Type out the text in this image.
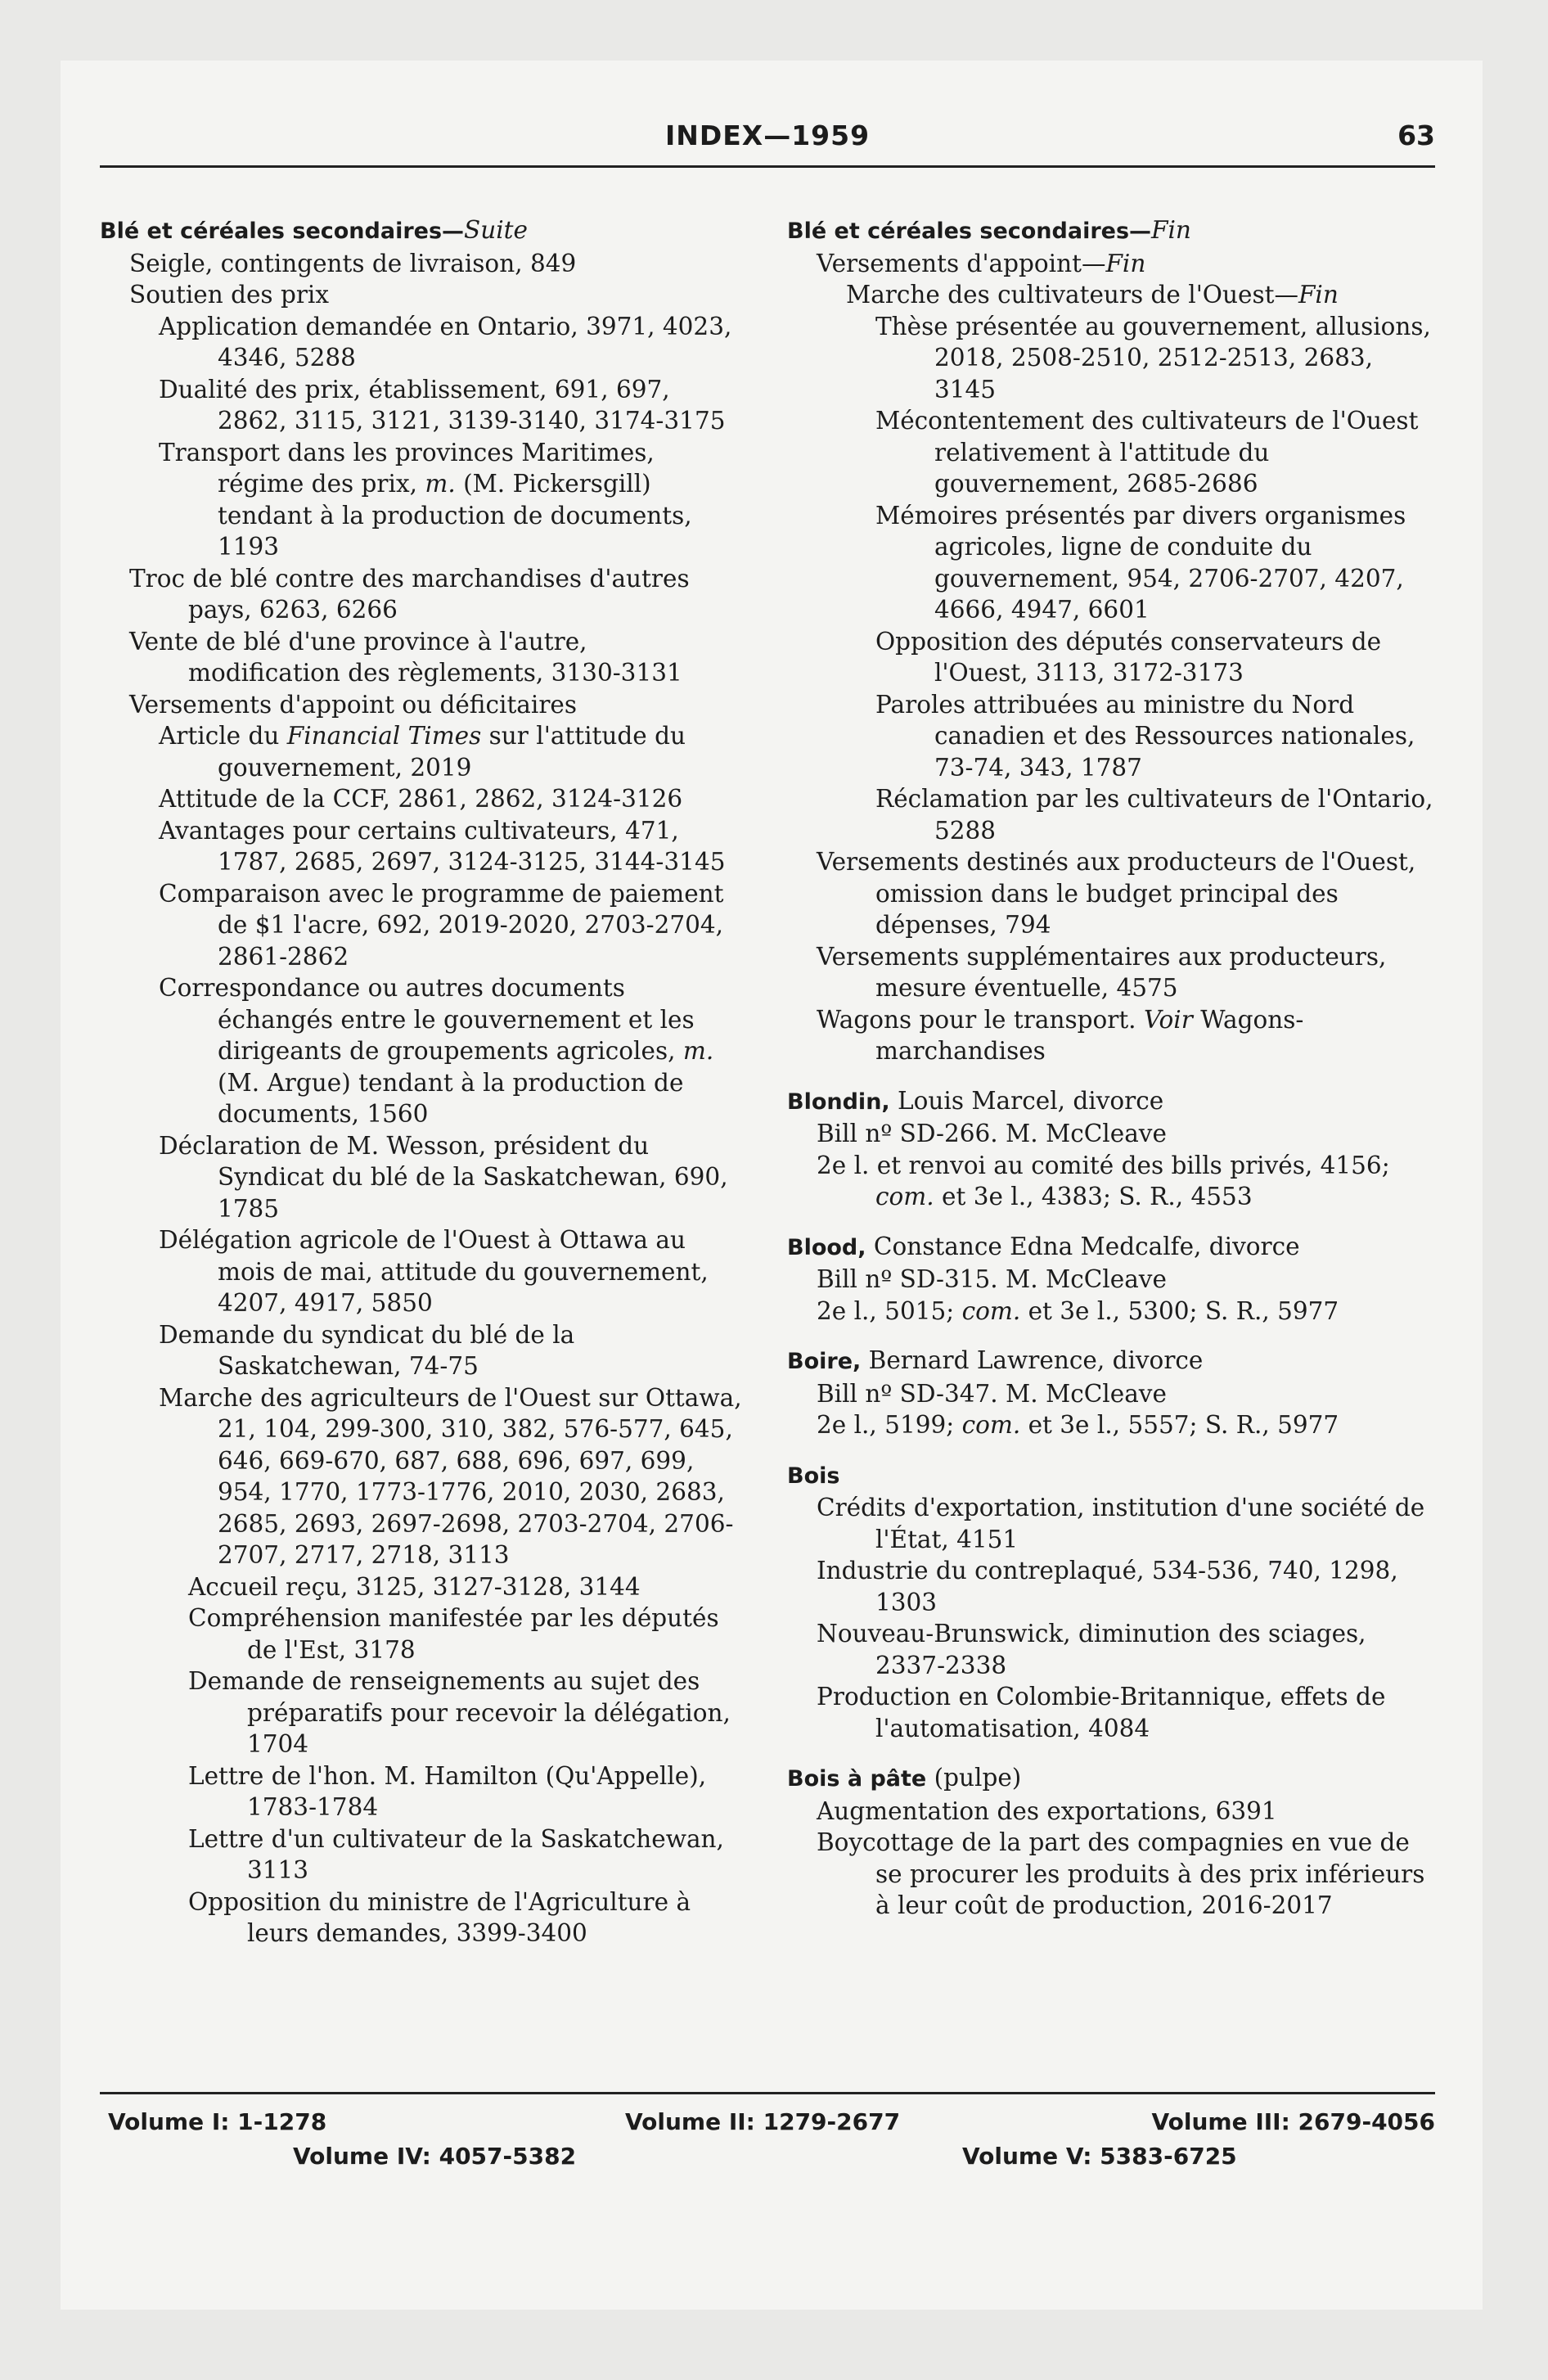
INDEX—1959	63

Blé et céréales secondaires—Suite

Seigle, contingents de livraison, 849

Soutien des prix

Application demandée en Ontario, 3971, 4023, 4346, 5288

Dualité des prix, établissement, 691, 697, 2862, 3115, 3121, 3139-3140, 3174-3175

Transport dans les provinces Maritimes, régime des prix, m. (M. Pickersgill) tendant à la production de documents, 1193

Troc de blé contre des marchandises d'autres pays, 6263, 6266

Vente de blé d'une province à l'autre, modification des règlements, 3130-3131

Versements d'appoint ou déficitaires

Article du Financial Times sur l'attitude du gouvernement, 2019

Attitude de la CCF, 2861, 2862, 3124-3126

Avantages pour certains cultivateurs, 471, 1787, 2685, 2697, 3124-3125, 3144-3145

Comparaison avec le programme de paiement de $1 l'acre, 692, 2019-2020, 2703-2704, 2861-2862

Correspondance ou autres documents échangés entre le gouvernement et les dirigeants de groupements agricoles, m. (M. Argue) tendant à la production de documents, 1560

Déclaration de M. Wesson, président du Syndicat du blé de la Saskatchewan, 690, 1785

Délégation agricole de l'Ouest à Ottawa au mois de mai, attitude du gouvernement, 4207, 4917, 5850

Demande du syndicat du blé de la Saskatchewan, 74-75

Marche des agriculteurs de l'Ouest sur Ottawa, 21, 104, 299-300, 310, 382, 576-577, 645, 646, 669-670, 687, 688, 696, 697, 699, 954, 1770, 1773-1776, 2010, 2030, 2683, 2685, 2693, 2697-2698, 2703-2704, 2706-2707, 2717, 2718, 3113

Accueil reçu, 3125, 3127-3128, 3144

Compréhension manifestée par les députés de l'Est, 3178

Demande de renseignements au sujet des préparatifs pour recevoir la délégation, 1704

Lettre de l'hon. M. Hamilton (Qu'Appelle), 1783-1784

Lettre d'un cultivateur de la Saskatchewan, 3113

Opposition du ministre de l'Agriculture à leurs demandes, 3399-3400

Blé et céréales secondaires—Fin

Versements d'appoint—Fin

Marche des cultivateurs de l'Ouest—Fin

Thèse présentée au gouvernement, allusions, 2018, 2508-2510, 2512-2513, 2683, 3145

Mécontentement des cultivateurs de l'Ouest relativement à l'attitude du gouvernement, 2685-2686

Mémoires présentés par divers organismes agricoles, ligne de conduite du gouvernement, 954, 2706-2707, 4207, 4666, 4947, 6601

Opposition des députés conservateurs de l'Ouest, 3113, 3172-3173

Paroles attribuées au ministre du Nord canadien et des Ressources nationales, 73-74, 343, 1787

Réclamation par les cultivateurs de l'Ontario, 5288

Versements destinés aux producteurs de l'Ouest, omission dans le budget principal des dépenses, 794

Versements supplémentaires aux producteurs, mesure éventuelle, 4575

Wagons pour le transport. Voir Wagons-marchandises

Blondin, Louis Marcel, divorce

Bill nº SD-266. M. McCleave

2e l. et renvoi au comité des bills privés, 4156; com. et 3e l., 4383; S. R., 4553

Blood, Constance Edna Medcalfe, divorce

Bill nº SD-315. M. McCleave

2e l., 5015; com. et 3e l., 5300; S. R., 5977

Boire, Bernard Lawrence, divorce

Bill nº SD-347. M. McCleave

2e l., 5199; com. et 3e l., 5557; S. R., 5977

Bois

Crédits d'exportation, institution d'une société de l'État, 4151

Industrie du contreplaqué, 534-536, 740, 1298, 1303

Nouveau-Brunswick, diminution des sciages, 2337-2338

Production en Colombie-Britannique, effets de l'automatisation, 4084

Bois à pâte (pulpe)

Augmentation des exportations, 6391

Boycottage de la part des compagnies en vue de se procurer les produits à des prix inférieurs à leur coût de production, 2016-2017

Volume I: 1-1278	Volume II: 1279-2677	Volume III: 2679-4056
Volume IV: 4057-5382	Volume V: 5383-6725
